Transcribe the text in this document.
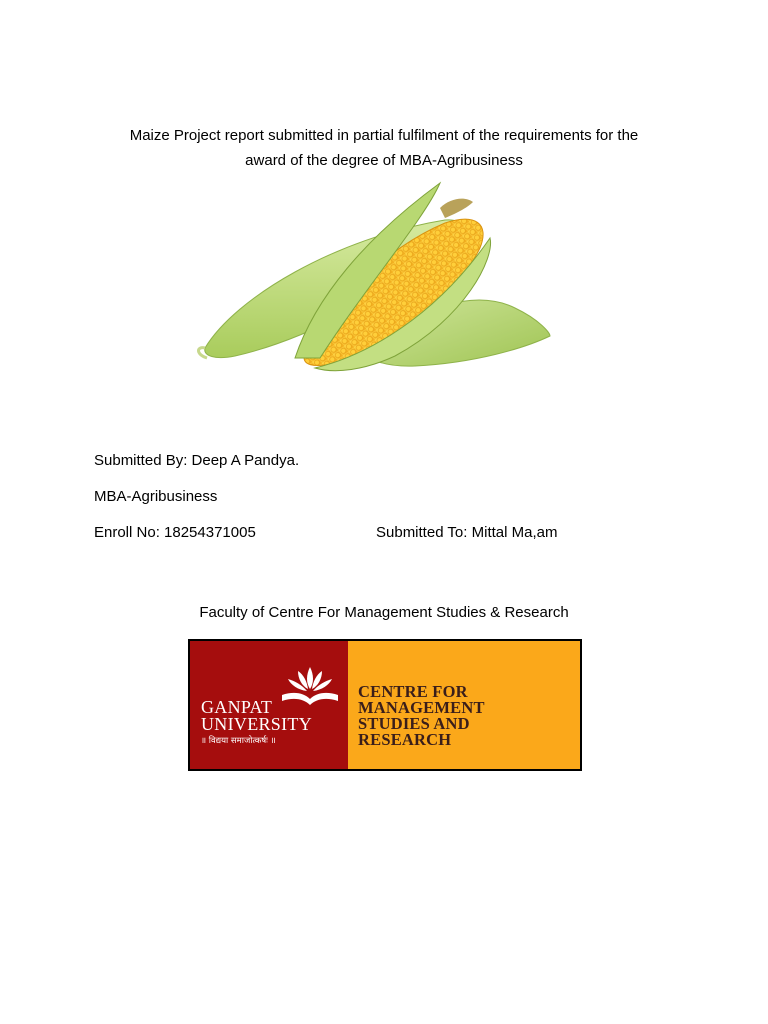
Maize Project report submitted in partial fulfilment of the requirements for the
award of the degree of MBA-Agribusiness
Submitted By: Deep A Pandya.
MBA-Agribusiness
Enroll No: 18254371005	Submitted To: Mittal Ma,am
Faculty of Centre For Management Studies & Research
GANPAT
UNIVERSITY
॥ विद्यया समाजोत्कर्षः ॥
CENTRE FOR
MANAGEMENT
STUDIES AND
RESEARCH
